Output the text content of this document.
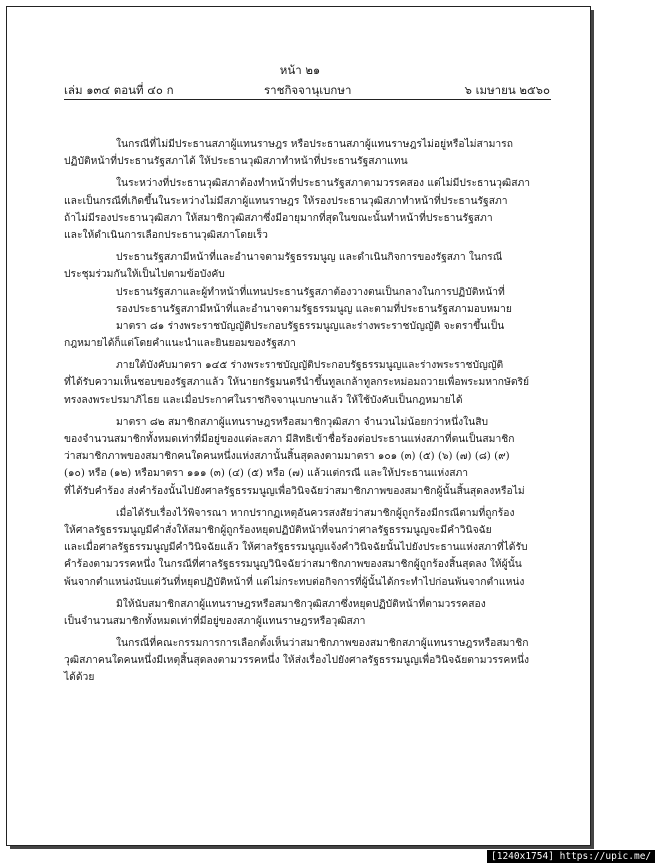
หน้า ๒๑
เล่ม ๑๓๔ ตอนที่ ๔๐ ก	ราชกิจจานุเบกษา	๖ เมษายน ๒๕๖๐
ในกรณีที่ไม่มีประธานสภาผู้แทนราษฎร หรือประธานสภาผู้แทนราษฎรไม่อยู่หรือไม่สามารถ
ปฏิบัติหน้าที่ประธานรัฐสภาได้ ให้ประธานวุฒิสภาทำหน้าที่ประธานรัฐสภาแทน
ในระหว่างที่ประธานวุฒิสภาต้องทำหน้าที่ประธานรัฐสภาตามวรรคสอง แต่ไม่มีประธานวุฒิสภา
และเป็นกรณีที่เกิดขึ้นในระหว่างไม่มีสภาผู้แทนราษฎร ให้รองประธานวุฒิสภาทำหน้าที่ประธานรัฐสภา
ถ้าไม่มีรองประธานวุฒิสภา ให้สมาชิกวุฒิสภาซึ่งมีอายุมากที่สุดในขณะนั้นทำหน้าที่ประธานรัฐสภา
และให้ดำเนินการเลือกประธานวุฒิสภาโดยเร็ว
ประธานรัฐสภามีหน้าที่และอำนาจตามรัฐธรรมนูญ และดำเนินกิจการของรัฐสภา ในกรณี
ประชุมร่วมกันให้เป็นไปตามข้อบังคับ
ประธานรัฐสภาและผู้ทำหน้าที่แทนประธานรัฐสภาต้องวางตนเป็นกลางในการปฏิบัติหน้าที่
รองประธานรัฐสภามีหน้าที่และอำนาจตามรัฐธรรมนูญ และตามที่ประธานรัฐสภามอบหมาย
มาตรา ๘๑ ร่างพระราชบัญญัติประกอบรัฐธรรมนูญและร่างพระราชบัญญัติ จะตราขึ้นเป็น
กฎหมายได้ก็แต่โดยคำแนะนำและยินยอมของรัฐสภา
ภายใต้บังคับมาตรา ๑๔๕ ร่างพระราชบัญญัติประกอบรัฐธรรมนูญและร่างพระราชบัญญัติ
ที่ได้รับความเห็นชอบของรัฐสภาแล้ว ให้นายกรัฐมนตรีนำขึ้นทูลเกล้าทูลกระหม่อมถวายเพื่อพระมหากษัตริย์
ทรงลงพระปรมาภิไธย และเมื่อประกาศในราชกิจจานุเบกษาแล้ว ให้ใช้บังคับเป็นกฎหมายได้
มาตรา ๘๒ สมาชิกสภาผู้แทนราษฎรหรือสมาชิกวุฒิสภา จำนวนไม่น้อยกว่าหนึ่งในสิบ
ของจำนวนสมาชิกทั้งหมดเท่าที่มีอยู่ของแต่ละสภา มีสิทธิเข้าชื่อร้องต่อประธานแห่งสภาที่ตนเป็นสมาชิก
ว่าสมาชิกภาพของสมาชิกคนใดคนหนึ่งแห่งสภานั้นสิ้นสุดลงตามมาตรา ๑๐๑ (๓) (๕) (๖) (๗) (๘) (๙)
(๑๐) หรือ (๑๒) หรือมาตรา ๑๑๑ (๓) (๔) (๕) หรือ (๗) แล้วแต่กรณี และให้ประธานแห่งสภา
ที่ได้รับคำร้อง ส่งคำร้องนั้นไปยังศาลรัฐธรรมนูญเพื่อวินิจฉัยว่าสมาชิกภาพของสมาชิกผู้นั้นสิ้นสุดลงหรือไม่
เมื่อได้รับเรื่องไว้พิจารณา หากปรากฏเหตุอันควรสงสัยว่าสมาชิกผู้ถูกร้องมีกรณีตามที่ถูกร้อง
ให้ศาลรัฐธรรมนูญมีคำสั่งให้สมาชิกผู้ถูกร้องหยุดปฏิบัติหน้าที่จนกว่าศาลรัฐธรรมนูญจะมีคำวินิจฉัย
และเมื่อศาลรัฐธรรมนูญมีคำวินิจฉัยแล้ว ให้ศาลรัฐธรรมนูญแจ้งคำวินิจฉัยนั้นไปยังประธานแห่งสภาที่ได้รับ
คำร้องตามวรรคหนึ่ง ในกรณีที่ศาลรัฐธรรมนูญวินิจฉัยว่าสมาชิกภาพของสมาชิกผู้ถูกร้องสิ้นสุดลง ให้ผู้นั้น
พ้นจากตำแหน่งนับแต่วันที่หยุดปฏิบัติหน้าที่ แต่ไม่กระทบต่อกิจการที่ผู้นั้นได้กระทำไปก่อนพ้นจากตำแหน่ง
มิให้นับสมาชิกสภาผู้แทนราษฎรหรือสมาชิกวุฒิสภาซึ่งหยุดปฏิบัติหน้าที่ตามวรรคสอง
เป็นจำนวนสมาชิกทั้งหมดเท่าที่มีอยู่ของสภาผู้แทนราษฎรหรือวุฒิสภา
ในกรณีที่คณะกรรมการการเลือกตั้งเห็นว่าสมาชิกภาพของสมาชิกสภาผู้แทนราษฎรหรือสมาชิก
วุฒิสภาคนใดคนหนึ่งมีเหตุสิ้นสุดลงตามวรรคหนึ่ง ให้ส่งเรื่องไปยังศาลรัฐธรรมนูญเพื่อวินิจฉัยตามวรรคหนึ่ง
ได้ด้วย
[1240x1754] https://upic.me/
